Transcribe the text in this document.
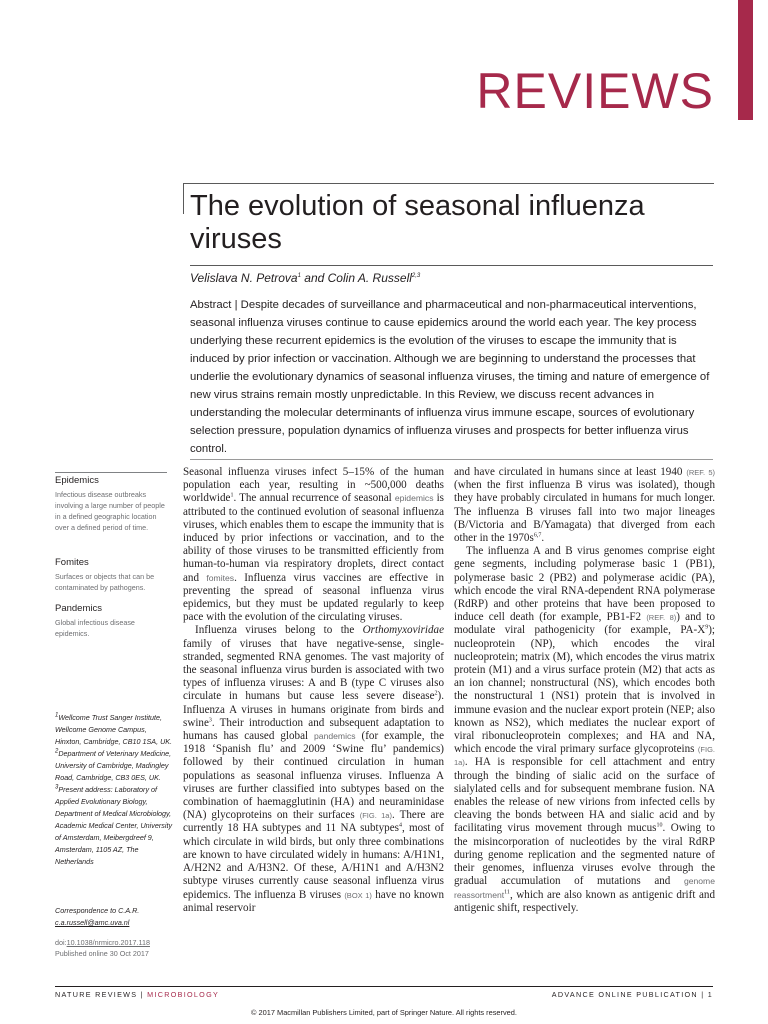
REVIEWS
The evolution of seasonal influenza viruses
Velislava N. Petrova$^1$ and Colin A. Russell$^{2,3}$

Abstract | Despite decades of surveillance and pharmaceutical and non-pharmaceutical interventions, seasonal influenza viruses continue to cause epidemics around the world each year. The key process underlying these recurrent epidemics is the evolution of the viruses to escape the immunity that is induced by prior infection or vaccination. Although we are beginning to understand the processes that underlie the evolutionary dynamics of seasonal influenza viruses, the timing and nature of emergence of new virus strains remain mostly unpredictable. In this Review, we discuss recent advances in understanding the molecular determinants of influenza virus immune escape, sources of evolutionary selection pressure, population dynamics of influenza viruses and prospects for better influenza virus control.

Epidemics
Infectious disease outbreaks involving a large number of people in a defined geographic location over a defined period of time.
Fomites
Surfaces or objects that can be contaminated by pathogens.
Pandemics
Global infectious disease epidemics.
$^1$Wellcome Trust Sanger Institute, Wellcome Genome Campus, Hinxton, Cambridge, CB10 1SA, UK.
$^2$Department of Veterinary Medicine, University of Cambridge, Madingley Road, Cambridge, CB3 0ES, UK.
$^3$Present address: Laboratory of Applied Evolutionary Biology, Department of Medical Microbiology, Academic Medical Center, University of Amsterdam, Meibergdreef 9, Amsterdam, 1105 AZ, The Netherlands
Correspondence to C.A.R.
c.a.russell@amc.uva.nl
doi:10.1038/nrmicro.2017.118
Published online 30 Oct 2017

Seasonal influenza viruses infect 5–15% of the human population each year, resulting in ~500,000 deaths worldwide$^1$. The annual recurrence of seasonal epidemics is attributed to the continued evolution of seasonal influenza viruses, which enables them to escape the immunity that is induced by prior infections or vaccination, and to the ability of those viruses to be transmitted efficiently from human-to-human via respiratory droplets, direct contact and fomites. Influenza virus vaccines are effective in preventing the spread of seasonal influenza virus epidemics, but they must be updated regularly to keep pace with the evolution of the circulating viruses.

Influenza viruses belong to the Orthomyxoviridae family of viruses that have negative-sense, single-stranded, segmented RNA genomes. The vast majority of the seasonal influenza virus burden is associated with two types of influenza viruses: A and B (type C viruses also circulate in humans but cause less severe disease$^2$). Influenza A viruses in humans originate from birds and swine$^3$. Their introduction and subsequent adaptation to humans has caused global pandemics (for example, the 1918 ‘Spanish flu’ and 2009 ‘Swine flu’ pandemics) followed by their continued circulation in human populations as seasonal influenza viruses. Influenza A viruses are further classified into subtypes based on the combination of haemagglutinin (HA) and neuraminidase (NA) glycoproteins on their surfaces (FIG. 1a). There are currently 18 HA subtypes and 11 NA subtypes$^4$, most of which circulate in wild birds, but only three combinations are known to have circulated widely in humans: A/H1N1, A/H2N2 and A/H3N2. Of these, A/H1N1 and A/H3N2 subtype viruses currently cause seasonal influenza virus epidemics. The influenza B viruses (BOX 1) have no known animal reservoir

and have circulated in humans since at least 1940 (REF. 5) (when the first influenza B virus was isolated), though they have probably circulated in humans for much longer. The influenza B viruses fall into two major lineages (B/Victoria and B/Yamagata) that diverged from each other in the $1970s^{6,7}$.

The influenza A and B virus genomes comprise eight gene segments, including polymerase basic 1 (PB1), polymerase basic 2 (PB2) and polymerase acidic (PA), which encode the viral RNA-dependent RNA polymerase (RdRP) and other proteins that have been proposed to induce cell death (for example, PB1-F2 (REF. 8)) and to modulate viral pathogenicity (for example, $PA-X^9$); nucleoprotein (NP), which encodes the viral nucleoprotein; matrix (M), which encodes the virus matrix protein (M1) and a virus surface protein (M2) that acts as an ion channel; nonstructural (NS), which encodes both the nonstructural 1 (NS1) protein that is involved in immune evasion and the nuclear export protein (NEP; also known as NS2), which mediates the nuclear export of viral ribonucleoprotein complexes; and HA and NA, which encode the viral primary surface glycoproteins (FIG. 1a). HA is responsible for cell attachment and entry through the binding of sialic acid on the surface of sialylated cells and for subsequent membrane fusion. NA enables the release of new virions from infected cells by cleaving the bonds between HA and sialic acid and by facilitating virus movement through mucus$^{10}$. Owing to the misincorporation of nucleotides by the viral RdRP during genome replication and the segmented nature of their genomes, influenza viruses evolve through the gradual accumulation of mutations and genome reassortment$^{11}$, which are also known as antigenic drift and antigenic shift, respectively.

NATURE REVIEWS | MICROBIOLOGY	ADVANCE ONLINE PUBLICATION | 1
© 2017 Macmillan Publishers Limited, part of Springer Nature. All rights reserved.
